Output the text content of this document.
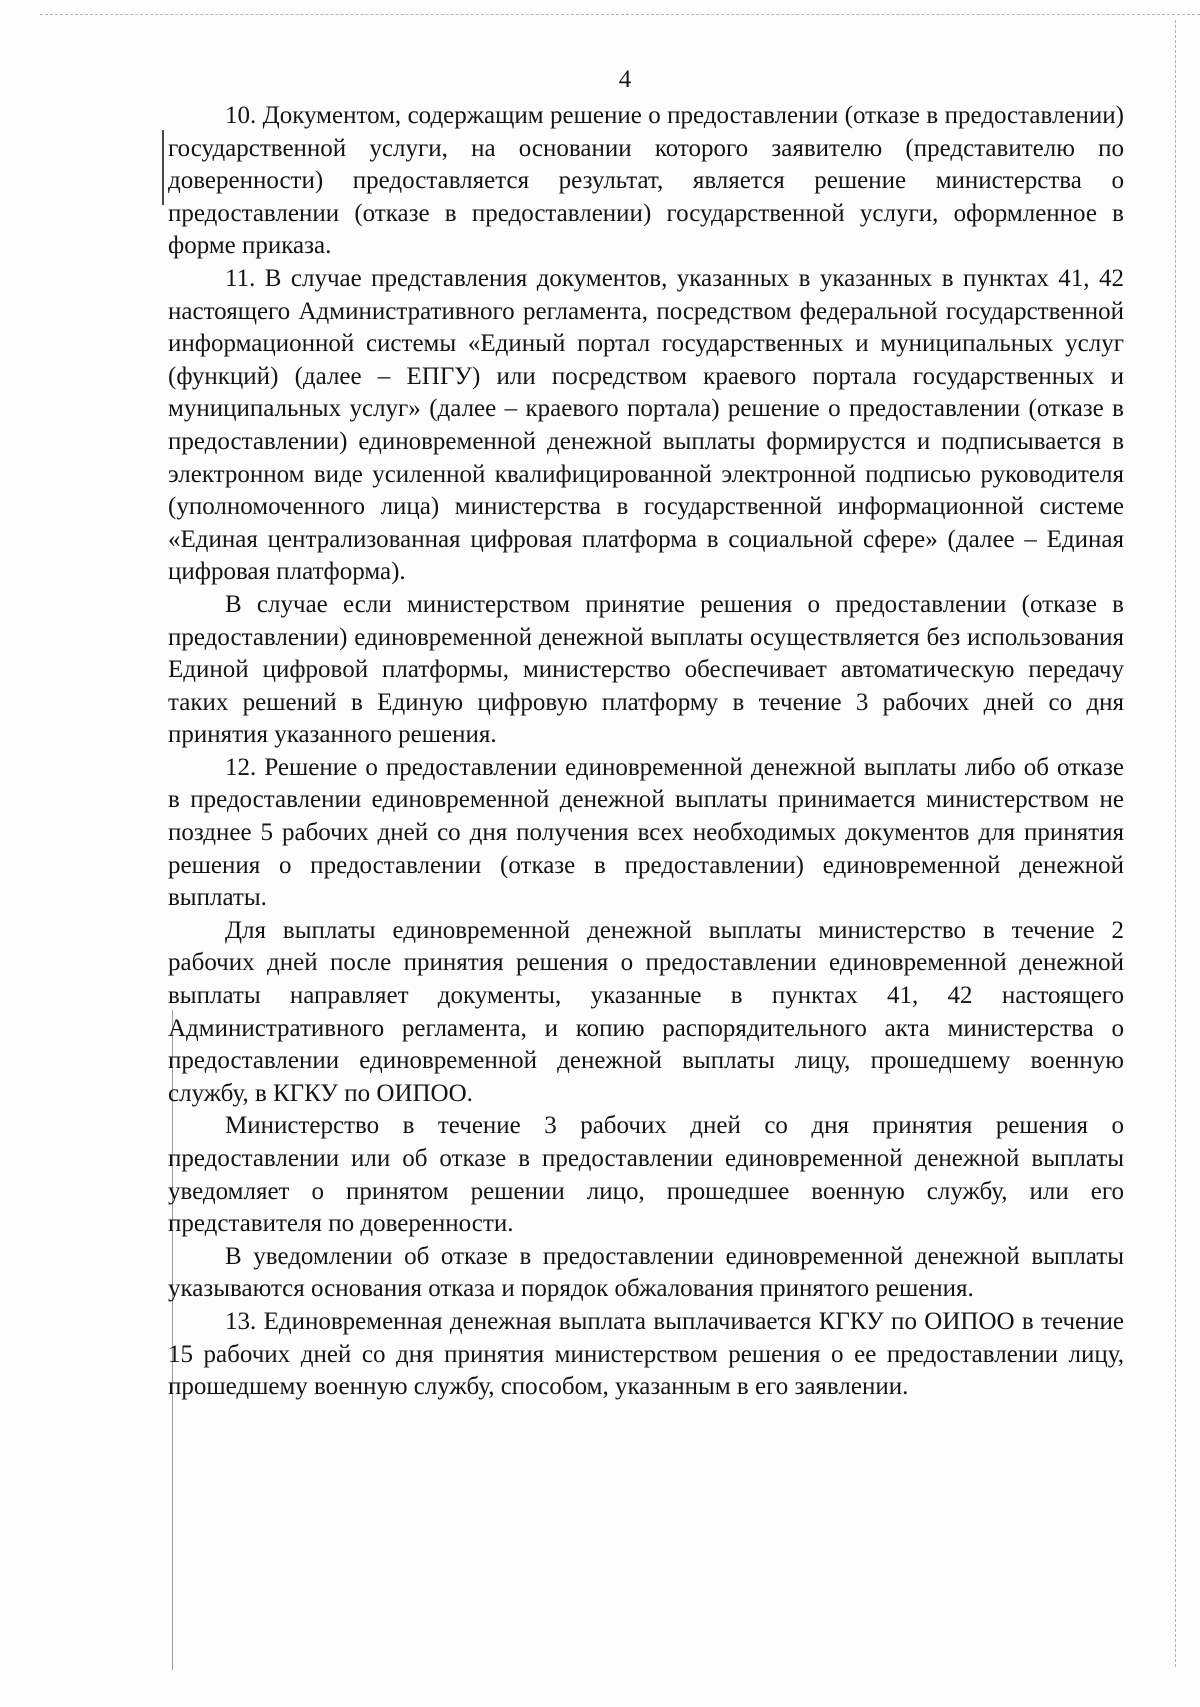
4

10. Документом, содержащим решение о предоставлении (отказе в предоставлении) государственной услуги, на основании которого заявителю (представителю по доверенности) предоставляется результат, является решение министерства о предоставлении (отказе в предоставлении) государственной услуги, оформленное в форме приказа.

11. В случае представления документов, указанных в указанных в пунктах 41, 42 настоящего Административного регламента, посредством федеральной государственной информационной системы «Единый портал государственных и муниципальных услуг (функций) (далее – ЕПГУ) или посредством краевого портала государственных и муниципальных услуг» (далее – краевого портала) решение о предоставлении (отказе в предоставлении) единовременной денежной выплаты формирустся и подписывается в электронном виде усиленной квалифицированной электронной подписью руководителя (уполномоченного лица) министерства в государственной информационной системе «Единая централизованная цифровая платформа в социальной сфере» (далее – Единая цифровая платформа).

В случае если министерством принятие решения о предоставлении (отказе в предоставлении) единовременной денежной выплаты осуществляется без использования Единой цифровой платформы, министерство обеспечивает автоматическую передачу таких решений в Единую цифровую платформу в течение 3 рабочих дней со дня принятия указанного решения.

12. Решение о предоставлении единовременной денежной выплаты либо об отказе в предоставлении единовременной денежной выплаты принимается министерством не позднее 5 рабочих дней со дня получения всех необходимых документов для принятия решения о предоставлении (отказе в предоставлении) единовременной денежной выплаты.

Для выплаты единовременной денежной выплаты министерство в течение 2 рабочих дней после принятия решения о предоставлении единовременной денежной выплаты направляет документы, указанные в пунктах 41, 42 настоящего Административного регламента, и копию распорядительного акта министерства о предоставлении единовременной денежной выплаты лицу, прошедшему военную службу, в КГКУ по ОИПОО.

Министерство в течение 3 рабочих дней со дня принятия решения о предоставлении или об отказе в предоставлении единовременной денежной выплаты уведомляет о принятом решении лицо, прошедшее военную службу, или его представителя по доверенности.

В уведомлении об отказе в предоставлении единовременной денежной выплаты указываются основания отказа и порядок обжалования принятого решения.

13. Единовременная денежная выплата выплачивается КГКУ по ОИПОО в течение 15 рабочих дней со дня принятия министерством решения о ее предоставлении лицу, прошедшему военную службу, способом, указанным в его заявлении.
